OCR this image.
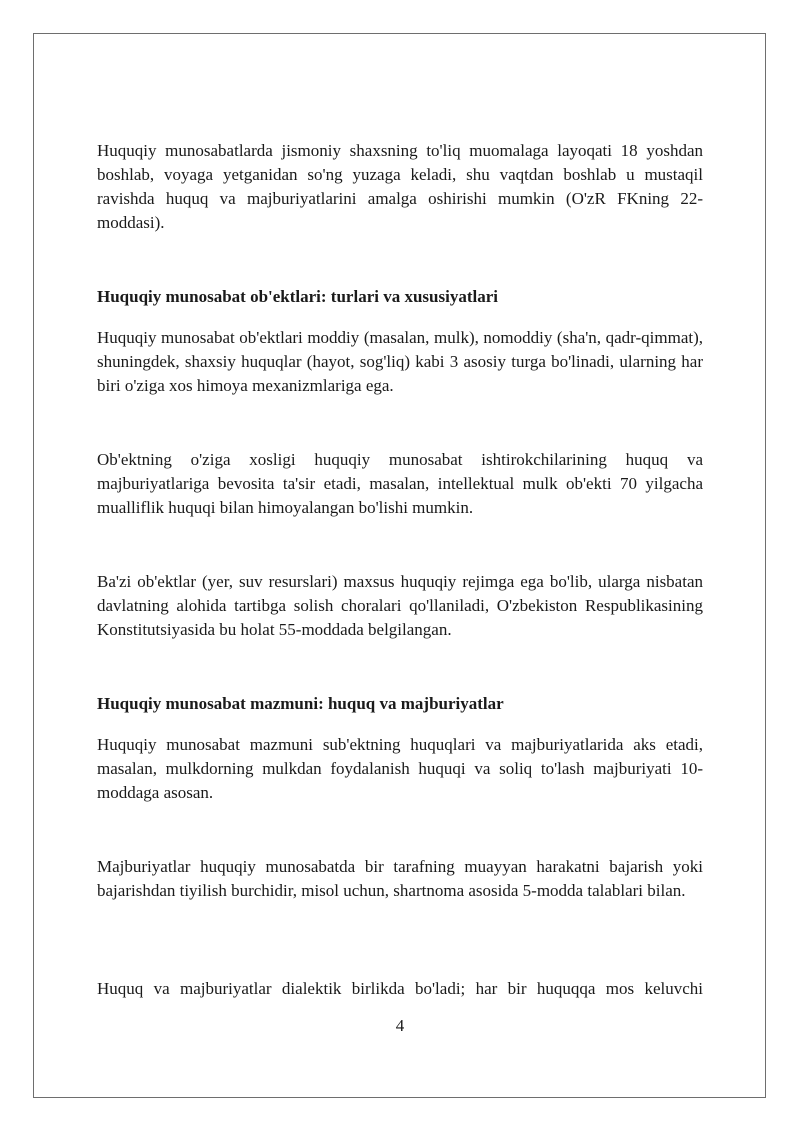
Huquqiy munosabatlarda jismoniy shaxsning to'liq muomalaga layoqati 18 yoshdan boshlab, voyaga yetganidan so'ng yuzaga keladi, shu vaqtdan boshlab u mustaqil ravishda huquq va majburiyatlarini amalga oshirishi mumkin (O'zR FKning 22-moddasi).

Huquqiy munosabat ob'ektlari: turlari va xususiyatlari

Huquqiy munosabat ob'ektlari moddiy (masalan, mulk), nomoddiy (sha'n, qadr-qimmat), shuningdek, shaxsiy huquqlar (hayot, sog'liq) kabi 3 asosiy turga bo'linadi, ularning har biri o'ziga xos himoya mexanizmlariga ega.

Ob'ektning o'ziga xosligi huquqiy munosabat ishtirokchilarining huquq va majburiyatlariga bevosita ta'sir etadi, masalan, intellektual mulk ob'ekti 70 yilgacha mualliflik huquqi bilan himoyalangan bo'lishi mumkin.

Ba'zi ob'ektlar (yer, suv resurslari) maxsus huquqiy rejimga ega bo'lib, ularga nisbatan davlatning alohida tartibga solish choralari qo'llaniladi, O'zbekiston Respublikasining Konstitutsiyasida bu holat 55-moddada belgilangan.

Huquqiy munosabat mazmuni: huquq va majburiyatlar

Huquqiy munosabat mazmuni sub'ektning huquqlari va majburiyatlarida aks etadi, masalan, mulkdorning mulkdan foydalanish huquqi va soliq to'lash majburiyati 10-moddaga asosan.

Majburiyatlar huquqiy munosabatda bir tarafning muayyan harakatni bajarish yoki bajarishdan tiyilish burchidir, misol uchun, shartnoma asosida 5-modda talablari bilan.

Huquq va majburiyatlar dialektik birlikda bo'ladi; har bir huquqqa mos keluvchi

4
